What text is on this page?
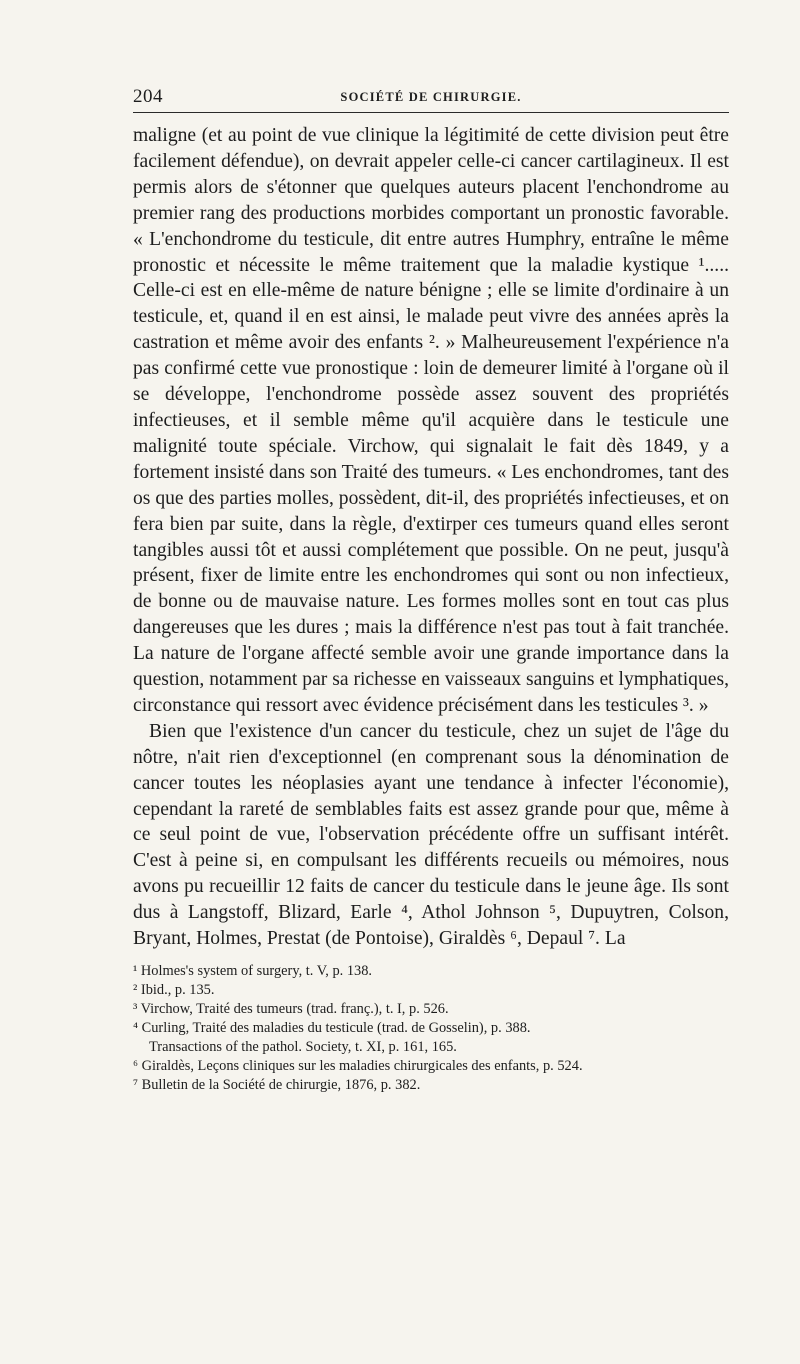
204	SOCIÉTÉ DE CHIRURGIE.

maligne (et au point de vue clinique la légitimité de cette division peut être facilement défendue), on devrait appeler celle-ci cancer cartilagineux. Il est permis alors de s'étonner que quelques auteurs placent l'enchondrome au premier rang des productions morbides comportant un pronostic favorable. « L'enchondrome du testicule, dit entre autres Humphry, entraîne le même pronostic et nécessite le même traitement que la maladie kystique ¹..... Celle-ci est en elle-même de nature bénigne ; elle se limite d'ordinaire à un testicule, et, quand il en est ainsi, le malade peut vivre des années après la castration et même avoir des enfants ². » Malheureusement l'expérience n'a pas confirmé cette vue pronostique : loin de demeurer limité à l'organe où il se développe, l'enchondrome possède assez souvent des propriétés infectieuses, et il semble même qu'il acquière dans le testicule une malignité toute spéciale. Virchow, qui signalait le fait dès 1849, y a fortement insisté dans son Traité des tumeurs. « Les enchondromes, tant des os que des parties molles, possèdent, dit-il, des propriétés infectieuses, et on fera bien par suite, dans la règle, d'extirper ces tumeurs quand elles seront tangibles aussi tôt et aussi complétement que possible. On ne peut, jusqu'à présent, fixer de limite entre les enchondromes qui sont ou non infectieux, de bonne ou de mauvaise nature. Les formes molles sont en tout cas plus dangereuses que les dures ; mais la différence n'est pas tout à fait tranchée. La nature de l'organe affecté semble avoir une grande importance dans la question, notamment par sa richesse en vaisseaux sanguins et lymphatiques, circonstance qui ressort avec évidence précisément dans les testicules ³. »

Bien que l'existence d'un cancer du testicule, chez un sujet de l'âge du nôtre, n'ait rien d'exceptionnel (en comprenant sous la dénomination de cancer toutes les néoplasies ayant une tendance à infecter l'économie), cependant la rareté de semblables faits est assez grande pour que, même à ce seul point de vue, l'observation précédente offre un suffisant intérêt. C'est à peine si, en compulsant les différents recueils ou mémoires, nous avons pu recueillir 12 faits de cancer du testicule dans le jeune âge. Ils sont dus à Langstoff, Blizard, Earle ⁴, Athol Johnson ⁵, Dupuytren, Colson, Bryant, Holmes, Prestat (de Pontoise), Giraldès ⁶, Depaul ⁷. La

¹ Holmes's system of surgery, t. V, p. 138.
² Ibid., p. 135.
³ Virchow, Traité des tumeurs (trad. franç.), t. I, p. 526.
⁴ Curling, Traité des maladies du testicule (trad. de Gosselin), p. 388.
Transactions of the pathol. Society, t. XI, p. 161, 165.
⁶ Giraldès, Leçons cliniques sur les maladies chirurgicales des enfants, p. 524.
⁷ Bulletin de la Société de chirurgie, 1876, p. 382.
